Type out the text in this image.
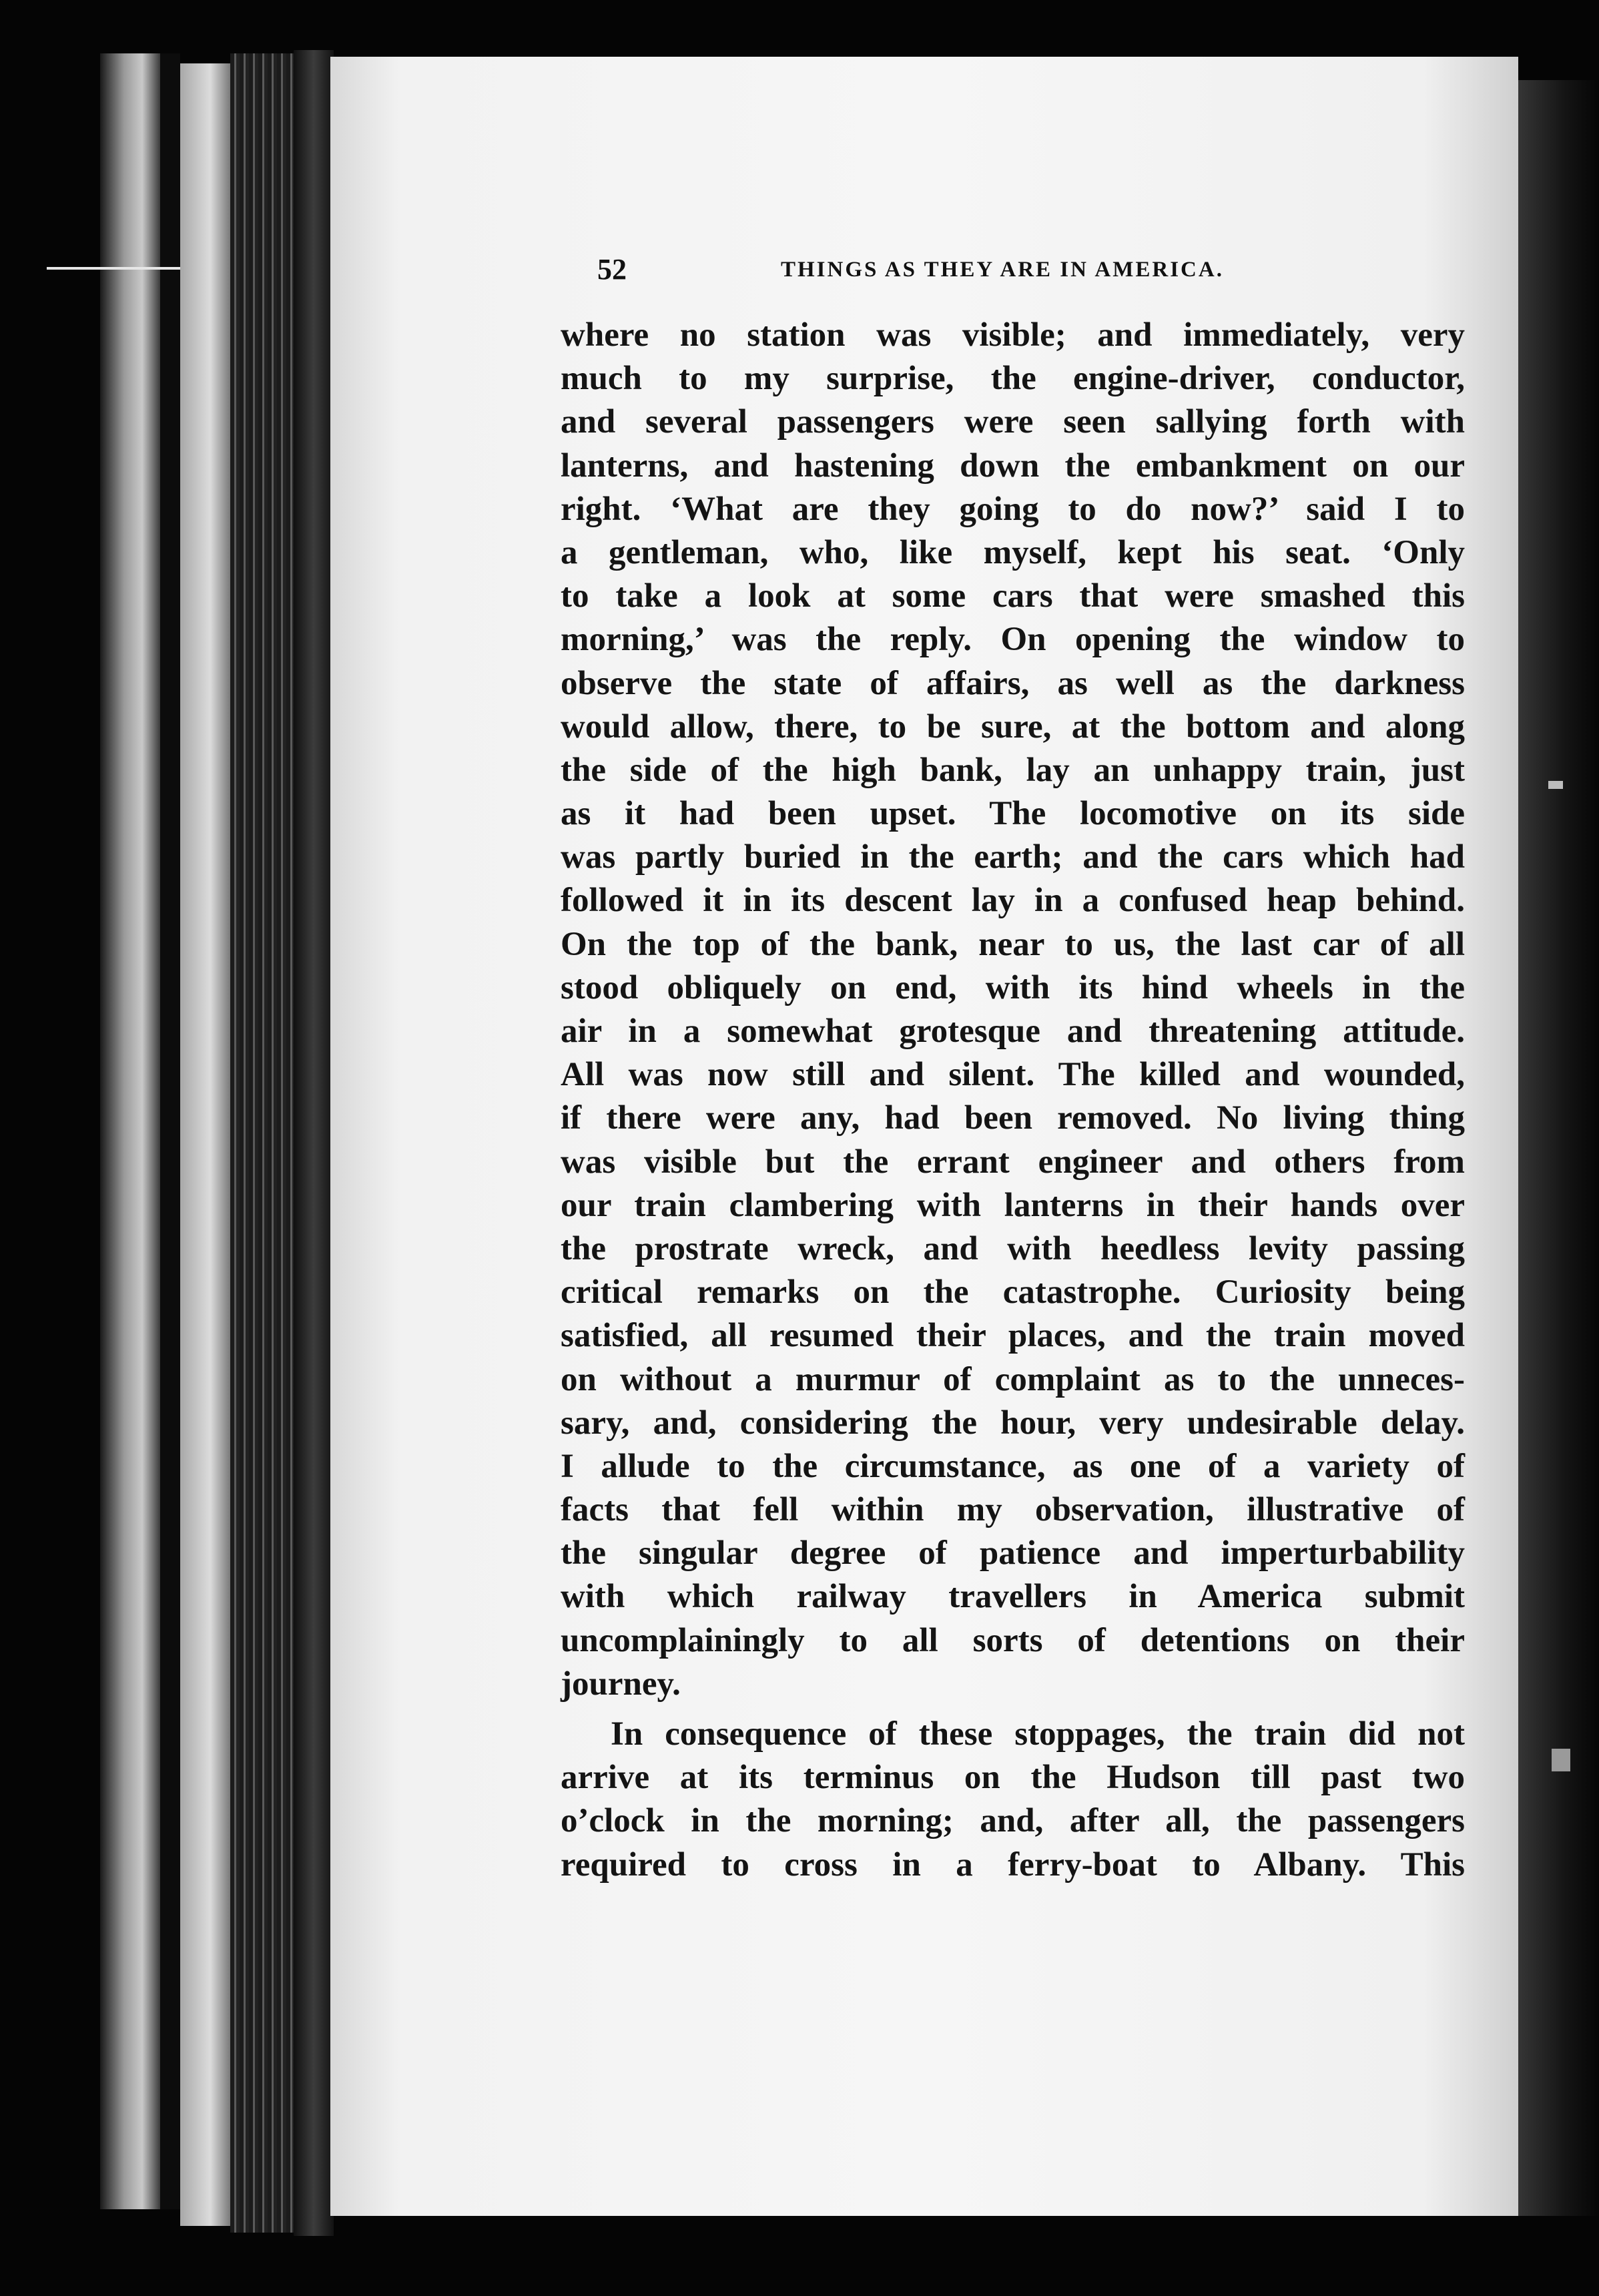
52	THINGS AS THEY ARE IN AMERICA.
where no station was visible; and immediately, very
much to my surprise, the engine-driver, conductor,
and several passengers were seen sallying forth with
lanterns, and hastening down the embankment on our
right. ‘What are they going to do now?’ said I to
a gentleman, who, like myself, kept his seat. ‘Only
to take a look at some cars that were smashed this
morning,’ was the reply. On opening the window to
observe the state of affairs, as well as the darkness
would allow, there, to be sure, at the bottom and along
the side of the high bank, lay an unhappy train, just
as it had been upset. The locomotive on its side
was partly buried in the earth; and the cars which had
followed it in its descent lay in a confused heap behind.
On the top of the bank, near to us, the last car of all
stood obliquely on end, with its hind wheels in the
air in a somewhat grotesque and threatening attitude.
All was now still and silent. The killed and wounded,
if there were any, had been removed. No living thing
was visible but the errant engineer and others from
our train clambering with lanterns in their hands over
the prostrate wreck, and with heedless levity passing
critical remarks on the catastrophe. Curiosity being
satisfied, all resumed their places, and the train moved
on without a murmur of complaint as to the unneces-
sary, and, considering the hour, very undesirable delay.
I allude to the circumstance, as one of a variety of
facts that fell within my observation, illustrative of
the singular degree of patience and imperturbability
with which railway travellers in America submit
uncomplainingly to all sorts of detentions on their
journey.
In consequence of these stoppages, the train did not
arrive at its terminus on the Hudson till past two
o’clock in the morning; and, after all, the passengers
required to cross in a ferry-boat to Albany. This
